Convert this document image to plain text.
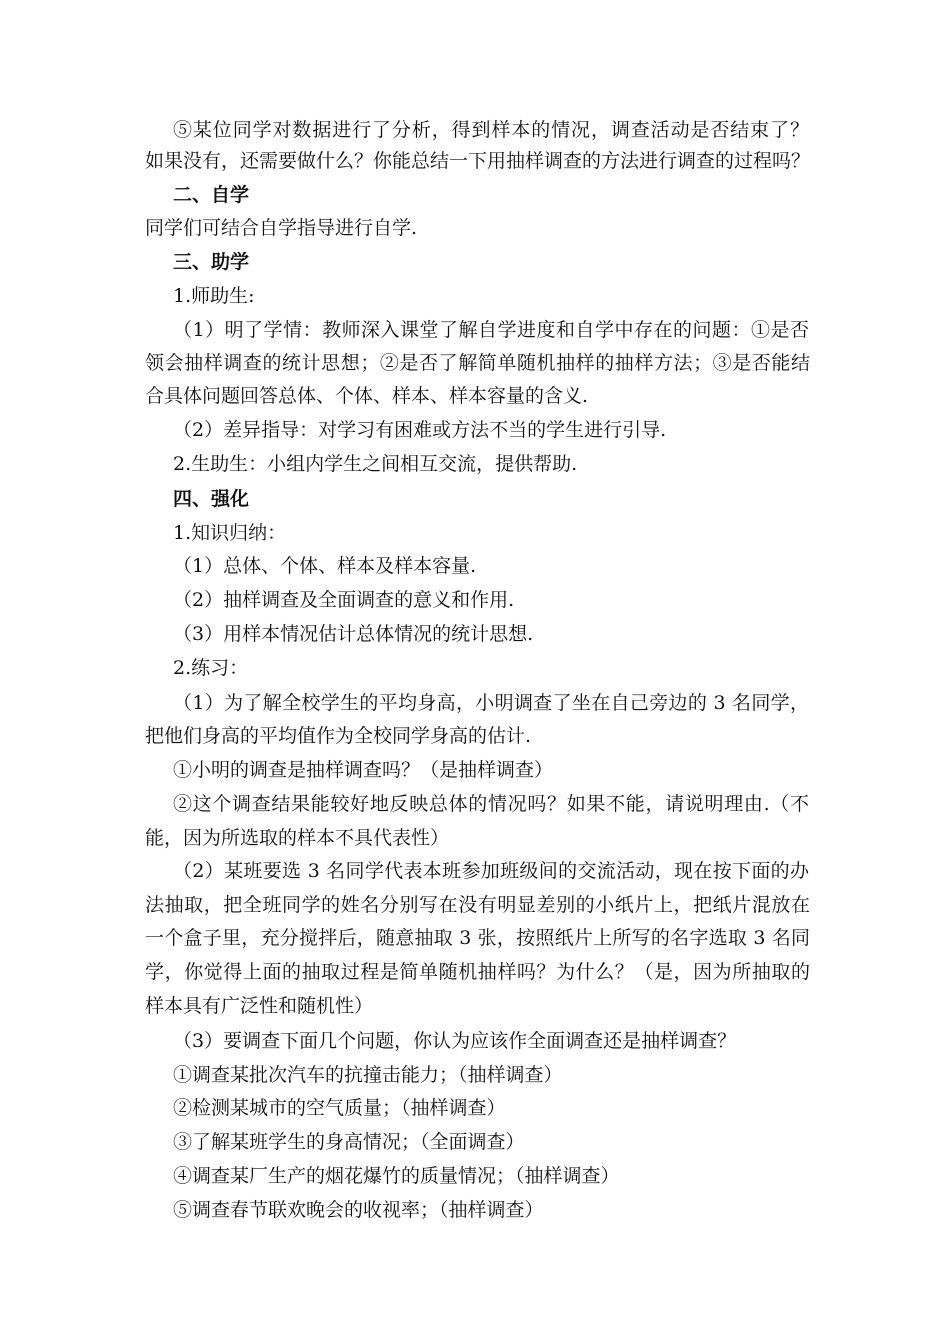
⑤某位同学对数据进行了分析，得到样本的情况，调查活动是否结束了？
如果没有，还需要做什么？你能总结一下用抽样调查的方法进行调查的过程吗？
二、自学
同学们可结合自学指导进行自学.
三、助学
1.师助生:
（1）明了学情：教师深入课堂了解自学进度和自学中存在的问题：①是否
领会抽样调查的统计思想；②是否了解简单随机抽样的抽样方法；③是否能结
合具体问题回答总体、个体、样本、样本容量的含义.
（2）差异指导：对学习有困难或方法不当的学生进行引导.
2.生助生：小组内学生之间相互交流，提供帮助.
四、强化
1.知识归纳：
（1）总体、个体、样本及样本容量.
（2）抽样调查及全面调查的意义和作用.
（3）用样本情况估计总体情况的统计思想.
2.练习：
（1）为了解全校学生的平均身高，小明调查了坐在自己旁边的 3 名同学，
把他们身高的平均值作为全校同学身高的估计.
①小明的调查是抽样调查吗？（是抽样调查）
②这个调查结果能较好地反映总体的情况吗？如果不能，请说明理由.（不
能，因为所选取的样本不具代表性）
（2）某班要选 3 名同学代表本班参加班级间的交流活动，现在按下面的办
法抽取，把全班同学的姓名分别写在没有明显差别的小纸片上，把纸片混放在
一个盒子里，充分搅拌后，随意抽取 3 张，按照纸片上所写的名字选取 3 名同
学，你觉得上面的抽取过程是简单随机抽样吗？为什么？（是，因为所抽取的
样本具有广泛性和随机性）
（3）要调查下面几个问题，你认为应该作全面调查还是抽样调查？
①调查某批次汽车的抗撞击能力；（抽样调查）
②检测某城市的空气质量；（抽样调查）
③了解某班学生的身高情况；（全面调查）
④调查某厂生产的烟花爆竹的质量情况；（抽样调查）
⑤调查春节联欢晚会的收视率；（抽样调查）
